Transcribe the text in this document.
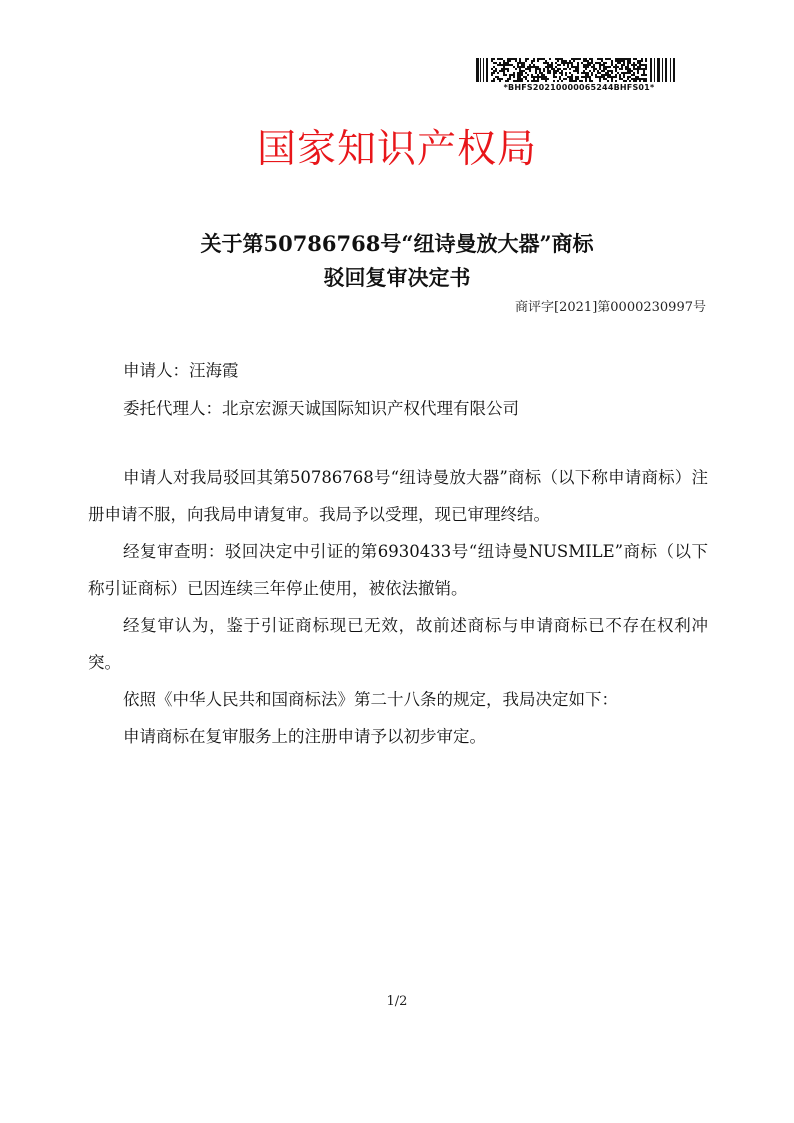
*BHFS20210000065244BHFS01*
国家知识产权局
关于第50786768号“纽诗曼放大器”商标
驳回复审决定书
商评字[2021]第0000230997号
申请人：汪海霞
委托代理人：北京宏源天诚国际知识产权代理有限公司

申请人对我局驳回其第50786768号“纽诗曼放大器”商标（以下称申请商标）注册申请不服，向我局申请复审。我局予以受理，现已审理终结。

经复审查明：驳回决定中引证的第6930433号“纽诗曼NUSMILE”商标（以下称引证商标）已因连续三年停止使用，被依法撤销。

经复审认为，鉴于引证商标现已无效，故前述商标与申请商标已不存在权利冲突。

依照《中华人民共和国商标法》第二十八条的规定，我局决定如下：

申请商标在复审服务上的注册申请予以初步审定。

1/2
